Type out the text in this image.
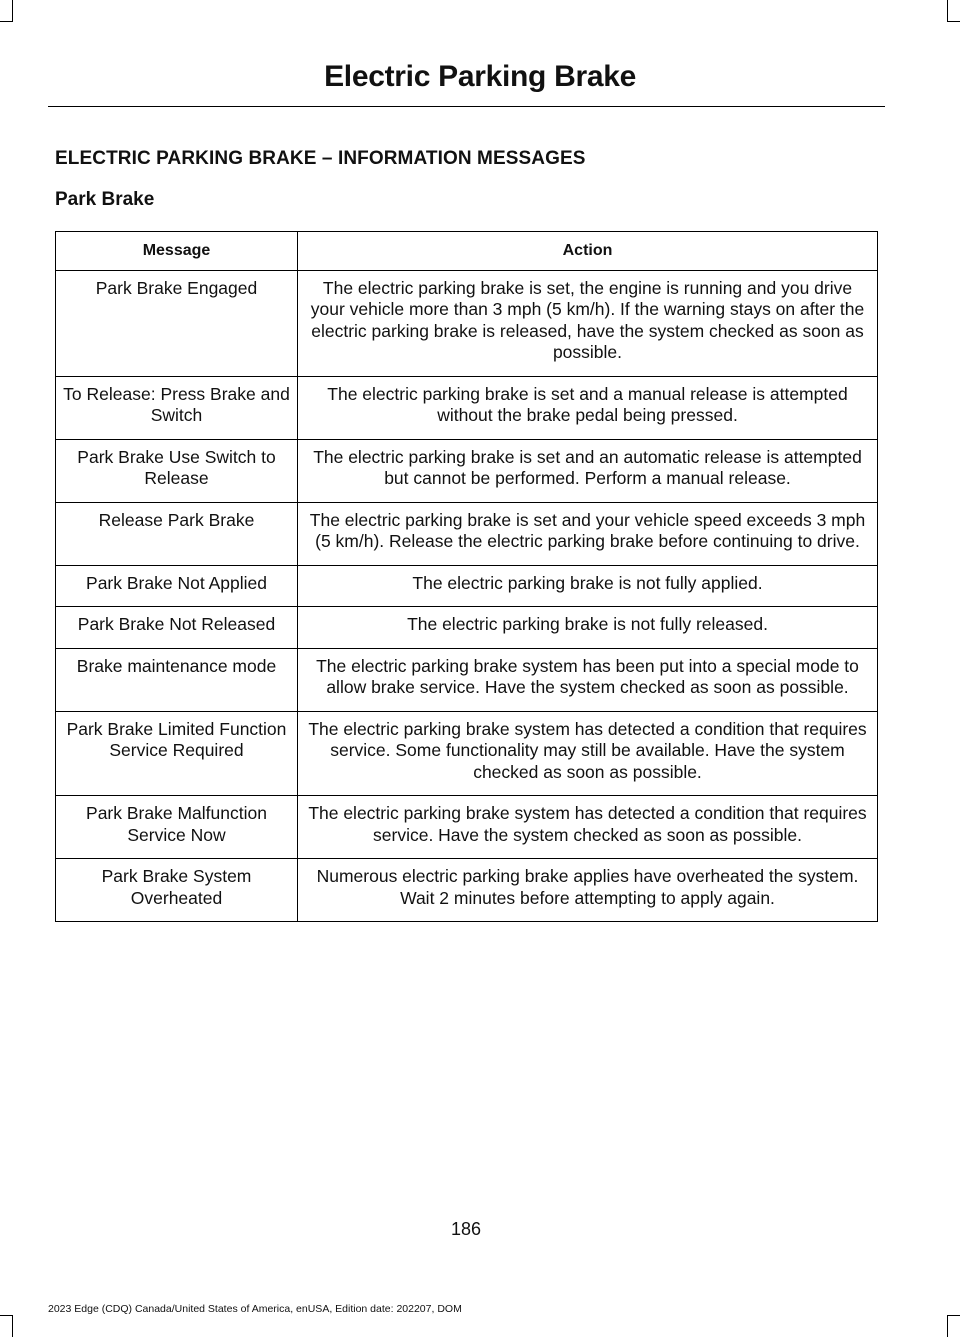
Electric Parking Brake
ELECTRIC PARKING BRAKE – INFORMATION MESSAGES
Park Brake
Message	Action
Park Brake Engaged	The electric parking brake is set, the engine is running and you drive your vehicle more than 3 mph (5 km/h). If the warning stays on after the electric parking brake is released, have the system checked as soon as possible.
To Release: Press Brake and Switch	The electric parking brake is set and a manual release is attempted without the brake pedal being pressed.
Park Brake Use Switch to Release	The electric parking brake is set and an automatic release is attempted but cannot be performed. Perform a manual release.
Release Park Brake	The electric parking brake is set and your vehicle speed exceeds 3 mph (5 km/h). Release the electric parking brake before continuing to drive.
Park Brake Not Applied	The electric parking brake is not fully applied.
Park Brake Not Released	The electric parking brake is not fully released.
Brake maintenance mode	The electric parking brake system has been put into a special mode to allow brake service. Have the system checked as soon as possible.
Park Brake Limited Function Service Required	The electric parking brake system has detected a condition that requires service. Some functionality may still be available. Have the system checked as soon as possible.
Park Brake Malfunction Service Now	The electric parking brake system has detected a condition that requires service. Have the system checked as soon as possible.
Park Brake System Overheated	Numerous electric parking brake applies have overheated the system. Wait 2 minutes before attempting to apply again.
186
2023 Edge (CDQ) Canada/United States of America, enUSA, Edition date: 202207, DOM
